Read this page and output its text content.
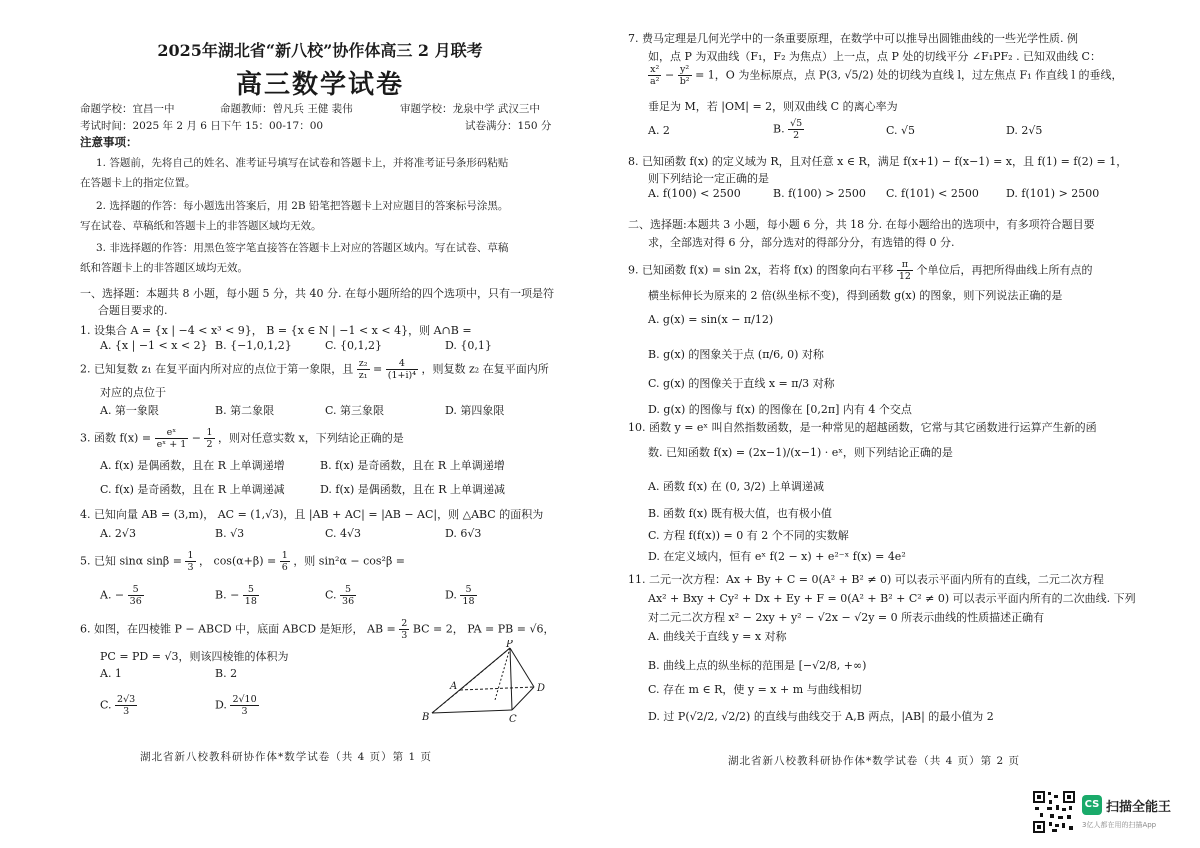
2025年湖北省“新八校”协作体高三 2 月联考
高三数学试卷
命题学校：宜昌一中	命题教师：曾凡兵 王健 裴伟	审题学校：龙泉中学 武汉三中
考试时间：2025 年 2 月 6 日下午 15：00-17：00	试卷满分：150 分
注意事项：
1. 答题前，先将自己的姓名、准考证号填写在试卷和答题卡上，并将准考证号条形码粘贴
在答题卡上的指定位置。
2. 选择题的作答：每小题选出答案后，用 2B 铅笔把答题卡上对应题目的答案标号涂黑。
写在试卷、草稿纸和答题卡上的非答题区域均无效。
3. 非选择题的作答：用黑色签字笔直接答在答题卡上对应的答题区域内。写在试卷、草稿
纸和答题卡上的非答题区域均无效。
一、选择题：本题共 8 小题，每小题 5 分，共 40 分. 在每小题所给的四个选项中，只有一项是符
合题目要求的.
1. 设集合 A = {x | −4 < x³ < 9}， B = {x ∈ N | −1 < x < 4}，则 A∩B =
A. {x | −1 < x < 2} B. {−1,0,1,2}	C. {0,1,2}	D. {0,1}
2. 已知复数 z₁ 在复平面内所对应的点位于第一象限，且 $\frac{\text{z₂}}{\text{z₁}} = \frac{4}{\text{(1+i)⁴}}$ ，则复数 z₂ 在复平面内所
对应的点位于
A. 第一象限	B. 第二象限	C. 第三象限	D. 第四象限
3. 函数 $f(x) = \frac{\text{eˣ}}{\text{eˣ + 1}} - \frac{1}{2}$ ，则对任意实数 x，下列结论正确的是
A. f(x) 是偶函数，且在 R 上单调递增	B. f(x) 是奇函数，且在 R 上单调递增
C. f(x) 是奇函数，且在 R 上单调递减	D. f(x) 是偶函数，且在 R 上单调递减
4. 已知向量 AB = (3,m)， AC = (1,√3)，且 |AB + AC| = |AB − AC|，则 △ABC 的面积为
A. 2√3	B. √3	C. 4√3	D. 6√3
5. 已知 sinα $\sin\beta = \frac{1}{3}$ ， $\cos(\alpha+\beta) = \frac{1}{6}$ ，则 sin²α − cos²β =
A. − $\frac{5}{36}$	B. − $\frac{5}{18}$	C. $\frac{5}{36}$	D. $\frac{5}{18}$
6. 如图，在四棱锥 P − ABCD 中，底面 ABCD 是矩形， AB = $\frac{2}{3}$ BC = 2， PA = PB = √6，
PC = PD = √3，则该四棱锥的体积为
A. 1	B. 2
C. $\frac{2√3}{3}$	D. $\frac{2√10}{3}$
P
A
B	C
D
湖北省新八校教科研协作体*数学试卷（共 4 页）第 1 页
7. 费马定理是几何光学中的一条重要原理，在数学中可以推导出圆锥曲线的一些光学性质. 例
如，点 P 为双曲线（F₁，F₂ 为焦点）上一点，点 P 处的切线平分 ∠F₁PF₂ . 已知双曲线 C：
$\frac{\text{x²}}{\text{a²}} - \frac{\text{y²}}{\text{b²}} = 1$，O 为坐标原点，点 P(3, √5/2) 处的切线为直线 l，过左焦点 F₁ 作直线 l 的垂线，
垂足为 M，若 |OM| = 2，则双曲线 C 的离心率为
A. 2	B. $\frac{√5}{2}$	C. √5	D. 2√5
8. 已知函数 f(x) 的定义域为 R，且对任意 x ∈ R，满足 f(x+1) − f(x−1) = x，且 f(1) = f(2) = 1，
则下列结论一定正确的是
A. f(100) < 2500	B. f(100) > 2500 C. f(101) < 2500 D. f(101) > 2500
二、选择题:本题共 3 小题，每小题 6 分，共 18 分. 在每小题给出的选项中，有多项符合题目要
求，全部选对得 6 分，部分选对的得部分分，有选错的得 0 分.
9. 已知函数 f(x) = sin 2x，若将 f(x) 的图象向右平移 $\frac{\pi}{12}$ 个单位后，再把所得曲线上所有点的
横坐标伸长为原来的 2 倍(纵坐标不变)，得到函数 g(x) 的图象，则下列说法正确的是
A. g(x) = sin(x − π/12)
B. g(x) 的图象关于点 (π/6, 0) 对称
C. g(x) 的图像关于直线 x = π/3 对称
D. g(x) 的图像与 f(x) 的图像在 [0,2π] 内有 4 个交点
10. 函数 y = eˣ 叫自然指数函数，是一种常见的超越函数，它常与其它函数进行运算产生新的函
数. 已知函数 f(x) = (2x−1)/(x−1) · eˣ，则下列结论正确的是
A. 函数 f(x) 在 (0, 3/2) 上单调递减
B. 函数 f(x) 既有极大值，也有极小值
C. 方程 f(f(x)) = 0 有 2 个不同的实数解
D. 在定义域内，恒有 eˣ f(2 − x) + e²⁻ˣ f(x) = 4e²
11. 二元一次方程：Ax + By + C = 0(A² + B² ≠ 0) 可以表示平面内所有的直线，二元二次方程
Ax² + Bxy + Cy² + Dx + Ey + F = 0(A² + B² + C² ≠ 0) 可以表示平面内所有的二次曲线. 下列
对二元二次方程 x² − 2xy + y² − √2x − √2y = 0 所表示曲线的性质描述正确有
A. 曲线关于直线 y = x 对称
B. 曲线上点的纵坐标的范围是 [−√2/8, +∞)
C. 存在 m ∈ R，使 y = x + m 与曲线相切
D. 过 P(√2/2, √2/2) 的直线与曲线交于 A,B 两点，|AB| 的最小值为 2
湖北省新八校教科研协作体*数学试卷（共 4 页）第 2 页
CS 扫描全能王
3亿人都在用的扫描App
